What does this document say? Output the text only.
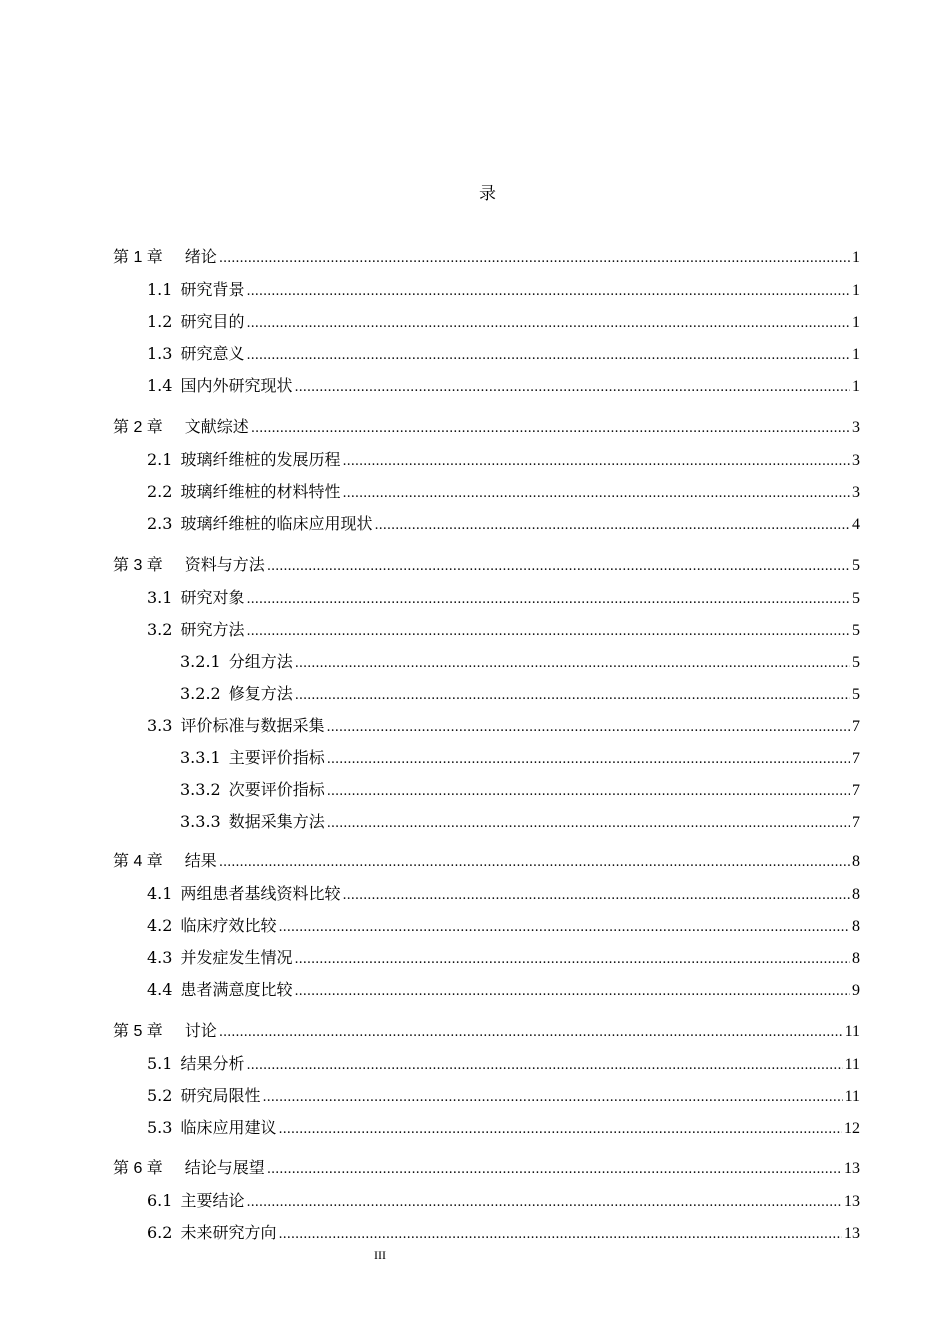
录
第 1 章 绪论 .....	1
1.1 研究背景 .....	1
1.2 研究目的 .....	1
1.3 研究意义 .....	1
1.4 国内外研究现状 .....	1
第 2 章 文献综述 .....	3
2.1 玻璃纤维桩的发展历程 .....	3
2.2 玻璃纤维桩的材料特性 .....	3
2.3 玻璃纤维桩的临床应用现状 .....	4
第 3 章 资料与方法 .....	5
3.1 研究对象 .....	5
3.2 研究方法 .....	5
3.2.1 分组方法 .....	5
3.2.2 修复方法 .....	5
3.3 评价标准与数据采集 .....	7
3.3.1 主要评价指标 .....	7
3.3.2 次要评价指标 .....	7
3.3.3 数据采集方法 .....	7
第 4 章 结果 .....	8
4.1 两组患者基线资料比较 .....	8
4.2 临床疗效比较 .....	8
4.3 并发症发生情况 .....	8
4.4 患者满意度比较 .....	9
第 5 章 讨论 .....	11
5.1 结果分析 .....	11
5.2 研究局限性 .....	11
5.3 临床应用建议 .....	12
第 6 章 结论与展望 .....	13
6.1 主要结论 .....	13
6.2 未来研究方向 .....	13
III
